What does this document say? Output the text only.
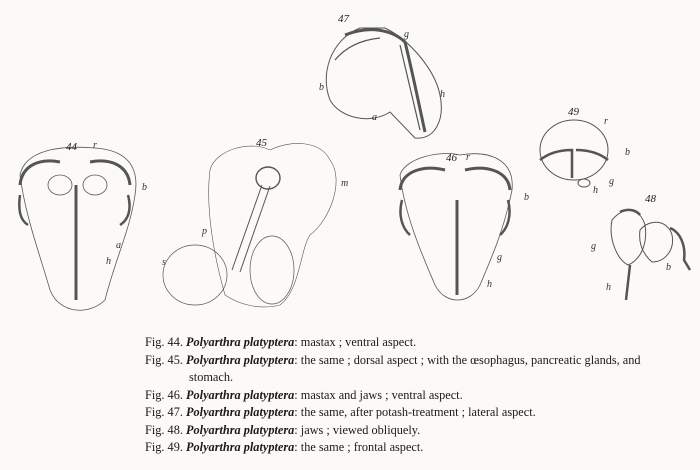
47
g
b
h
a
44 r
b
a
h
45
m
p
s
46 r
b
g
h
49
r
b
g
h
48
g
b
h

Fig. 44. Polyarthra platyptera: mastax ; ventral aspect.

Fig. 45. Polyarthra platyptera: the same ; dorsal aspect ; with the œsophagus, pancreatic glands, and stomach.

Fig. 46. Polyarthra platyptera: mastax and jaws ; ventral aspect.

Fig. 47. Polyarthra platyptera: the same, after potash-treatment ; lateral aspect.

Fig. 48. Polyarthra platyptera: jaws ; viewed obliquely.

Fig. 49. Polyarthra platyptera: the same ; frontal aspect.
